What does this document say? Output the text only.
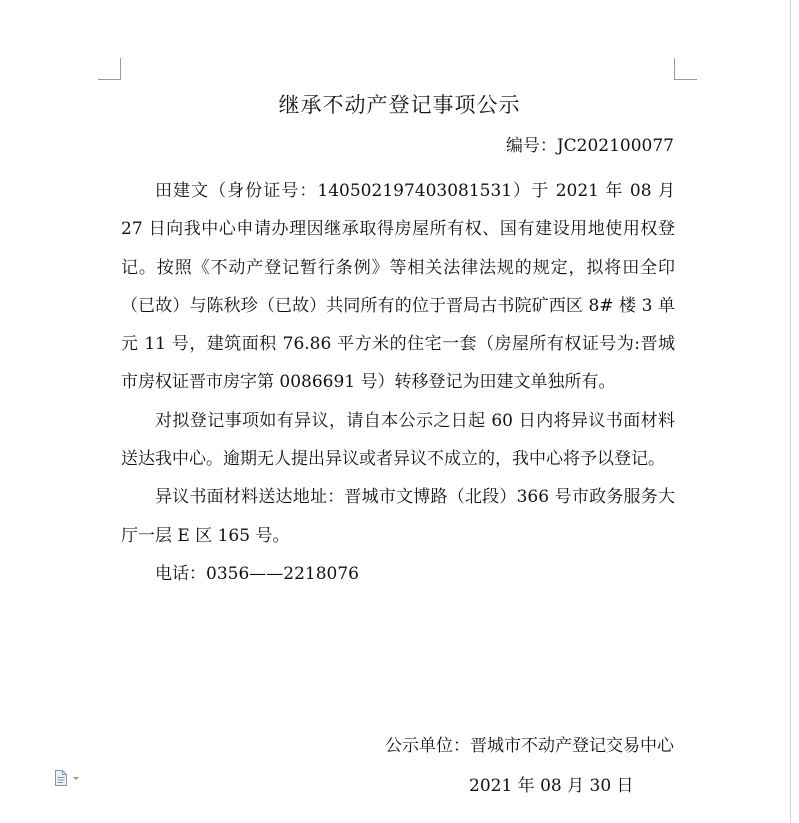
继承不动产登记事项公示
编号：JC202100077

田建文（身份证号：140502197403081531）于 2021 年 08 月 27 日向我中心申请办理因继承取得房屋所有权、国有建设用地使用权登记。按照《不动产登记暂行条例》等相关法律法规的规定，拟将田全印（已故）与陈秋珍（已故）共同所有的位于晋局古书院矿西区 8# 楼 3 单元 11 号，建筑面积 76.86 平方米的住宅一套（房屋所有权证号为:晋城市房权证晋市房字第 0086691 号）转移登记为田建文单独所有。

对拟登记事项如有异议，请自本公示之日起 60 日内将异议书面材料送达我中心。逾期无人提出异议或者异议不成立的，我中心将予以登记。

异议书面材料送达地址：晋城市文博路（北段）366 号市政务服务大厅一层 E 区 165 号。

电话：0356——2218076

公示单位：晋城市不动产登记交易中心
2021 年 08 月 30 日
